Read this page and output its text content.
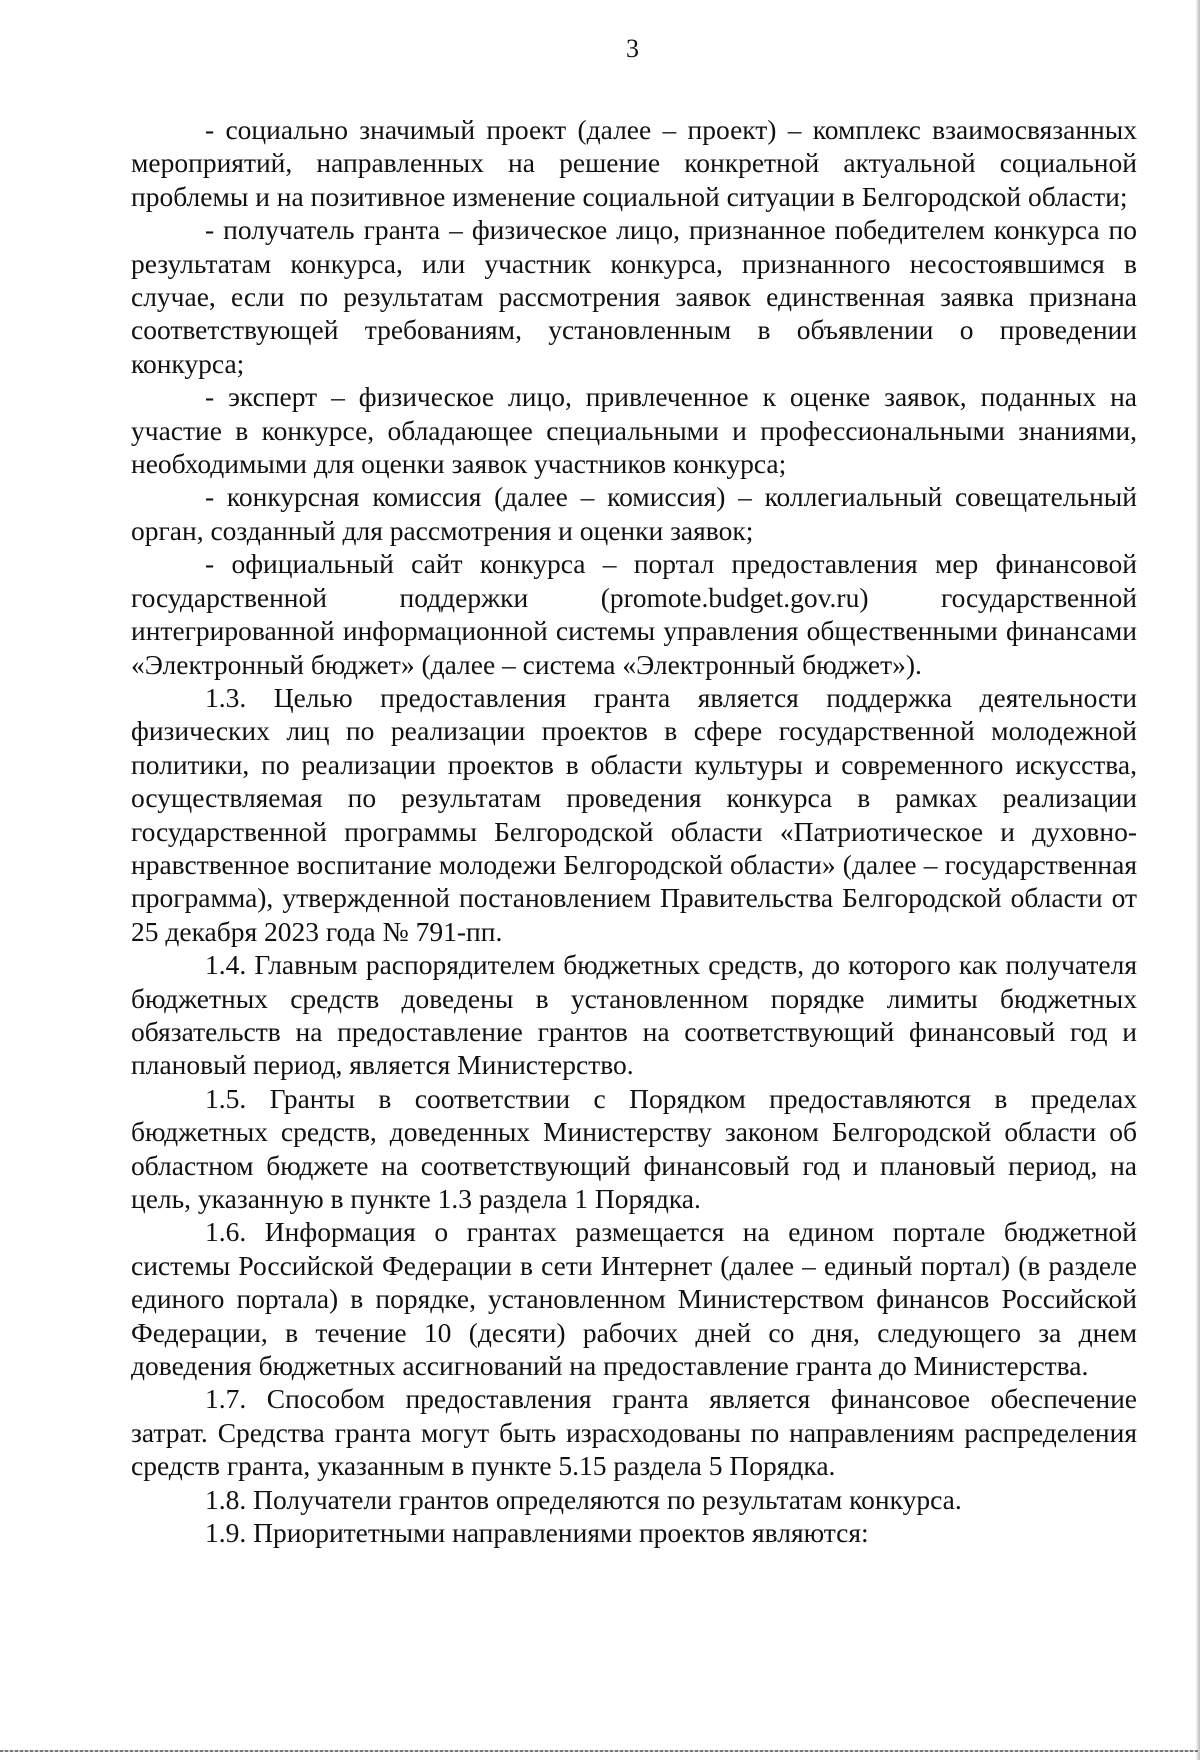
3

- социально значимый проект (далее – проект) – комплекс взаимосвязанных мероприятий, направленных на решение конкретной актуальной социальной проблемы и на позитивное изменение социальной ситуации в Белгородской области;

- получатель гранта – физическое лицо, признанное победителем конкурса по результатам конкурса, или участник конкурса, признанного несостоявшимся в случае, если по результатам рассмотрения заявок единственная заявка признана соответствующей требованиям, установленным в объявлении о проведении конкурса;

- эксперт – физическое лицо, привлеченное к оценке заявок, поданных на участие в конкурсе, обладающее специальными и профессиональными знаниями, необходимыми для оценки заявок участников конкурса;

- конкурсная комиссия (далее – комиссия) – коллегиальный совещательный орган, созданный для рассмотрения и оценки заявок;

- официальный сайт конкурса – портал предоставления мер финансовой государственной поддержки (promote.budget.gov.ru) государственной интегрированной информационной системы управления общественными финансами «Электронный бюджет» (далее – система «Электронный бюджет»).

1.3. Целью предоставления гранта является поддержка деятельности физических лиц по реализации проектов в сфере государственной молодежной политики, по реализации проектов в области культуры и современного искусства, осуществляемая по результатам проведения конкурса в рамках реализации государственной программы Белгородской области «Патриотическое и духовно-нравственное воспитание молодежи Белгородской области» (далее – государственная программа), утвержденной постановлением Правительства Белгородской области от 25 декабря 2023 года № 791-пп.

1.4. Главным распорядителем бюджетных средств, до которого как получателя бюджетных средств доведены в установленном порядке лимиты бюджетных обязательств на предоставление грантов на соответствующий финансовый год и плановый период, является Министерство.

1.5. Гранты в соответствии с Порядком предоставляются в пределах бюджетных средств, доведенных Министерству законом Белгородской области об областном бюджете на соответствующий финансовый год и плановый период, на цель, указанную в пункте 1.3 раздела 1 Порядка.

1.6. Информация о грантах размещается на едином портале бюджетной системы Российской Федерации в сети Интернет (далее – единый портал) (в разделе единого портала) в порядке, установленном Министерством финансов Российской Федерации, в течение 10 (десяти) рабочих дней со дня, следующего за днем доведения бюджетных ассигнований на предоставление гранта до Министерства.

1.7. Способом предоставления гранта является финансовое обеспечение затрат. Средства гранта могут быть израсходованы по направлениям распределения средств гранта, указанным в пункте 5.15 раздела 5 Порядка.

1.8. Получатели грантов определяются по результатам конкурса.

1.9. Приоритетными направлениями проектов являются:
